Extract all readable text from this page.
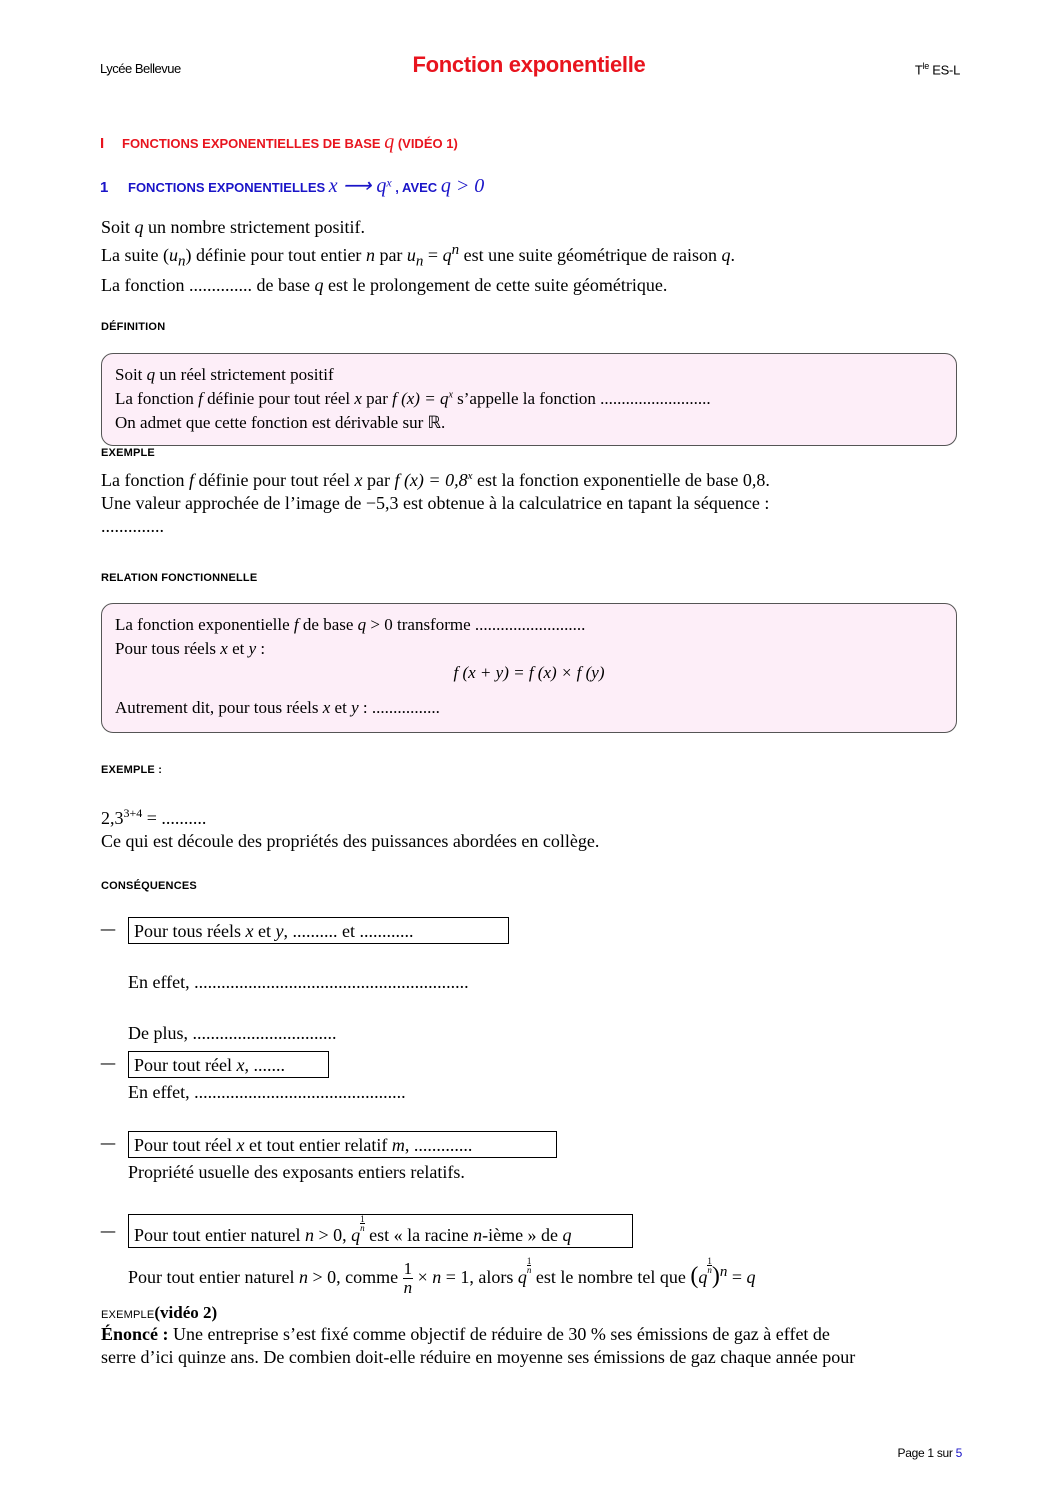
Lycée Bellevue	Fonction exponentielle	$T^{le}$ ES-L
I FONCTIONS EXPONENTIELLES DE BASE q (VIDÉO 1)
1 FONCTIONS EXPONENTIELLES x ⟶ $q^x$ , AVEC q > 0
Soit q un nombre strictement positif.
La suite $(u_n)$ définie pour tout entier n par $u_n = q^n$ est une suite géométrique de raison q.
La fonction .............. de base q est le prolongement de cette suite géométrique.
DÉFINITION
Soit q un réel strictement positif
La fonction f définie pour tout réel x par f $(x) = q^x$ s’appelle la fonction ..........................
On admet que cette fonction est dérivable sur ℝ.
EXEMPLE
La fonction f définie pour tout réel x par f $(x) = 0,8^x$ est la fonction exponentielle de base 0,8.
Une valeur approchée de l’image de −5,3 est obtenue à la calculatrice en tapant la séquence :
..............
RELATION FONCTIONNELLE
La fonction exponentielle f de base q > 0 transforme ..........................
Pour tous réels x et y :
f (x + y) = f (x) × f (y)
Autrement dit, pour tous réels x et y : ................
EXEMPLE :
$2,3^{3+4}$ = ..........
Ce qui est découle des propriétés des puissances abordées en collège.
CONSÉQUENCES
—	Pour tous réels x et y, .......... et ............
En effet, .............................................................
De plus, ................................
—	Pour tout réel x, .......
En effet, ...............................................
—	Pour tout réel x et tout entier relatif m, .............
Propriété usuelle des exposants entiers relatifs.
—	Pour tout entier naturel n > 0, q
$\frac{1}{n}$
est « la racine n-ième » de q
Pour tout entier naturel n > 0, comme $\frac{1}{n} \times n = 1$, alors q
$\frac{1}{n}$
est le nombre tel que (q
$\frac{1}{n} )^n = q$
EXEMPLE(vidéo 2)
Énoncé : Une entreprise s’est fixé comme objectif de réduire de 30 % ses émissions de gaz à effet de
serre d’ici quinze ans. De combien doit-elle réduire en moyenne ses émissions de gaz chaque année pour
Page 1 sur 5
